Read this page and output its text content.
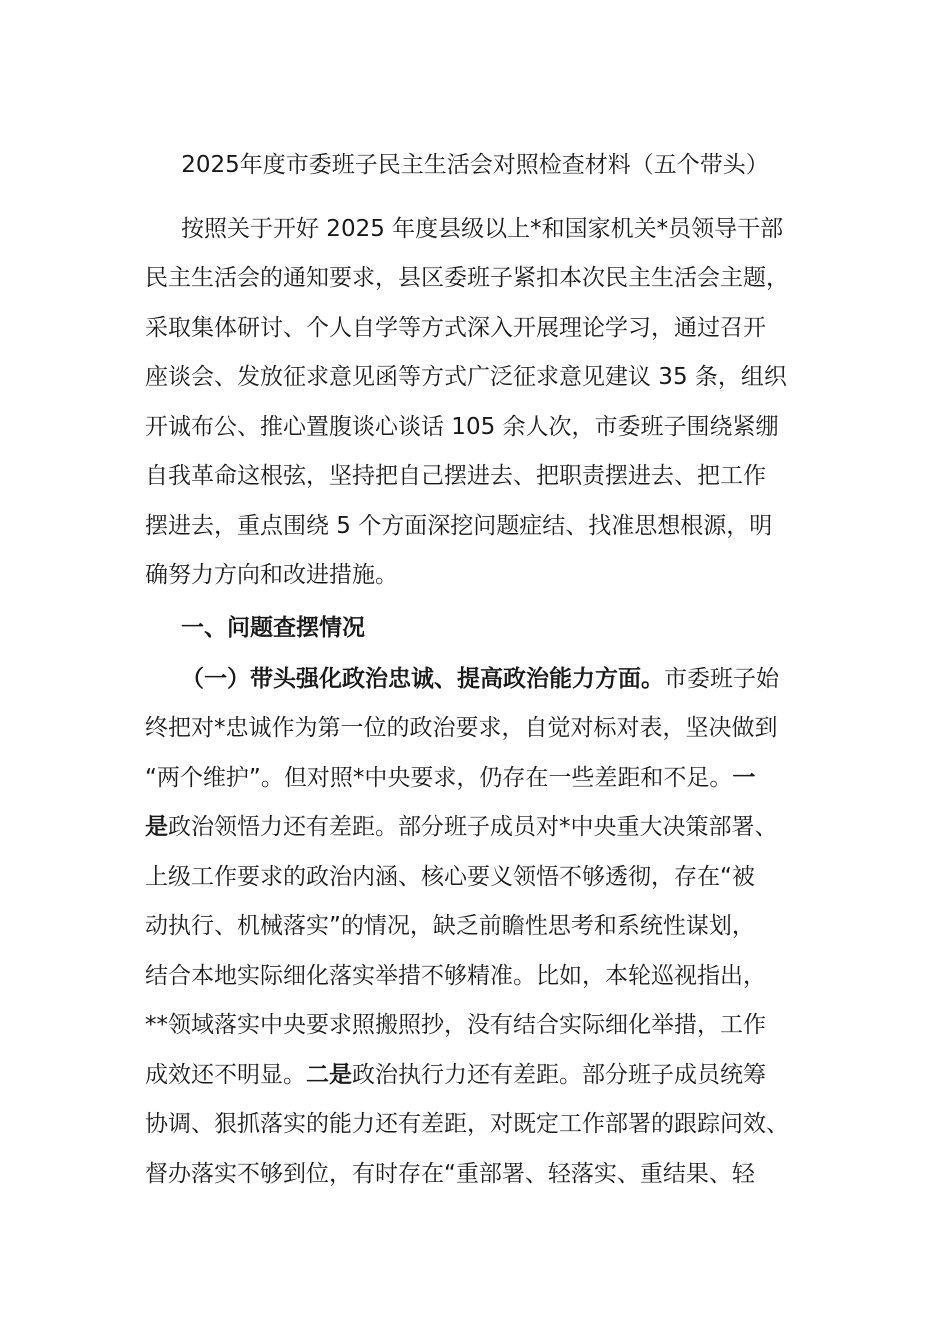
2025年度市委班子民主生活会对照检查材料（五个带头）
按照关于开好 2025 年度县级以上*和国家机关*员领导干部
民主生活会的通知要求，县区委班子紧扣本次民主生活会主题，
采取集体研讨、个人自学等方式深入开展理论学习，通过召开
座谈会、发放征求意见函等方式广泛征求意见建议 35 条，组织
开诚布公、推心置腹谈心谈话 105 余人次，市委班子围绕紧绷
自我革命这根弦，坚持把自己摆进去、把职责摆进去、把工作
摆进去，重点围绕 5 个方面深挖问题症结、找准思想根源，明
确努力方向和改进措施。
一、问题查摆情况
（一）带头强化政治忠诚、提高政治能力方面。市委班子始
终把对*忠诚作为第一位的政治要求，自觉对标对表，坚决做到
“两个维护”。但对照*中央要求，仍存在一些差距和不足。一
是政治领悟力还有差距。部分班子成员对*中央重大决策部署、
上级工作要求的政治内涵、核心要义领悟不够透彻，存在“被
动执行、机械落实”的情况，缺乏前瞻性思考和系统性谋划，
结合本地实际细化落实举措不够精准。比如，本轮巡视指出，
**领域落实中央要求照搬照抄，没有结合实际细化举措，工作
成效还不明显。二是政治执行力还有差距。部分班子成员统筹
协调、狠抓落实的能力还有差距，对既定工作部署的跟踪问效、
督办落实不够到位，有时存在“重部署、轻落实、重结果、轻
